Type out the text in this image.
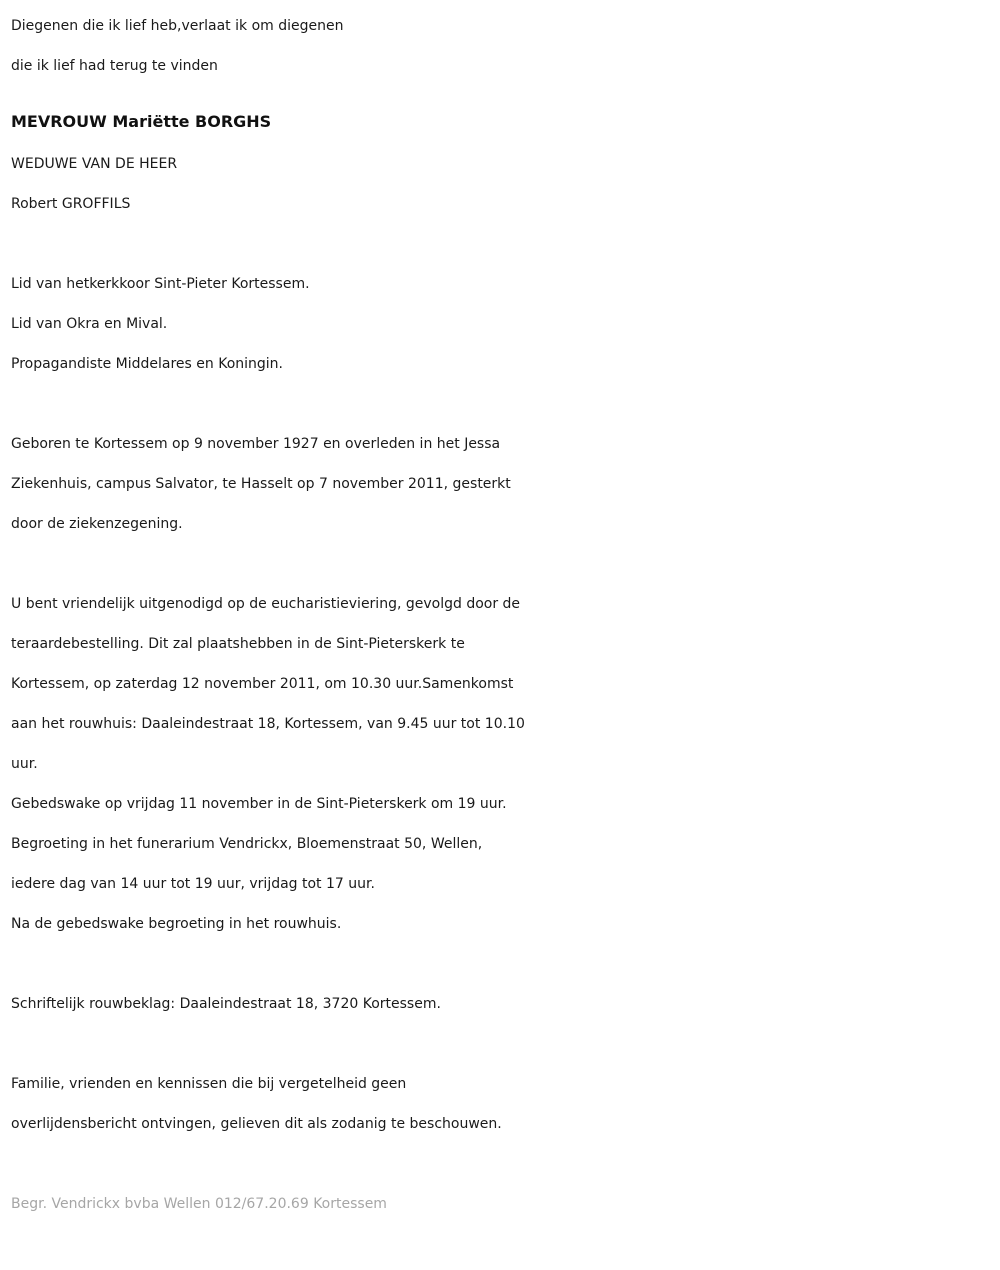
Diegenen die ik lief heb,verlaat ik om diegenen

die ik lief had terug te vinden

MEVROUW Mariëtte BORGHS

WEDUWE VAN DE HEER

Robert GROFFILS

Lid van hetkerkkoor Sint-Pieter Kortessem.

Lid van Okra en Mival.

Propagandiste Middelares en Koningin.

Geboren te Kortessem op 9 november 1927 en overleden in het Jessa

Ziekenhuis, campus Salvator, te Hasselt op 7 november 2011, gesterkt

door de ziekenzegening.

U bent vriendelijk uitgenodigd op de eucharistieviering, gevolgd door de

teraardebestelling. Dit zal plaatshebben in de Sint-Pieterskerk te

Kortessem, op zaterdag 12 november 2011, om 10.30 uur.Samenkomst

aan het rouwhuis: Daaleindestraat 18, Kortessem, van 9.45 uur tot 10.10

uur.

Gebedswake op vrijdag 11 november in de Sint-Pieterskerk om 19 uur.

Begroeting in het funerarium Vendrickx, Bloemenstraat 50, Wellen,

iedere dag van 14 uur tot 19 uur, vrijdag tot 17 uur.

Na de gebedswake begroeting in het rouwhuis.

Schriftelijk rouwbeklag: Daaleindestraat 18, 3720 Kortessem.

Familie, vrienden en kennissen die bij vergetelheid geen

overlijdensbericht ontvingen, gelieven dit als zodanig te beschouwen.

Begr. Vendrickx bvba Wellen 012/67.20.69 Kortessem
